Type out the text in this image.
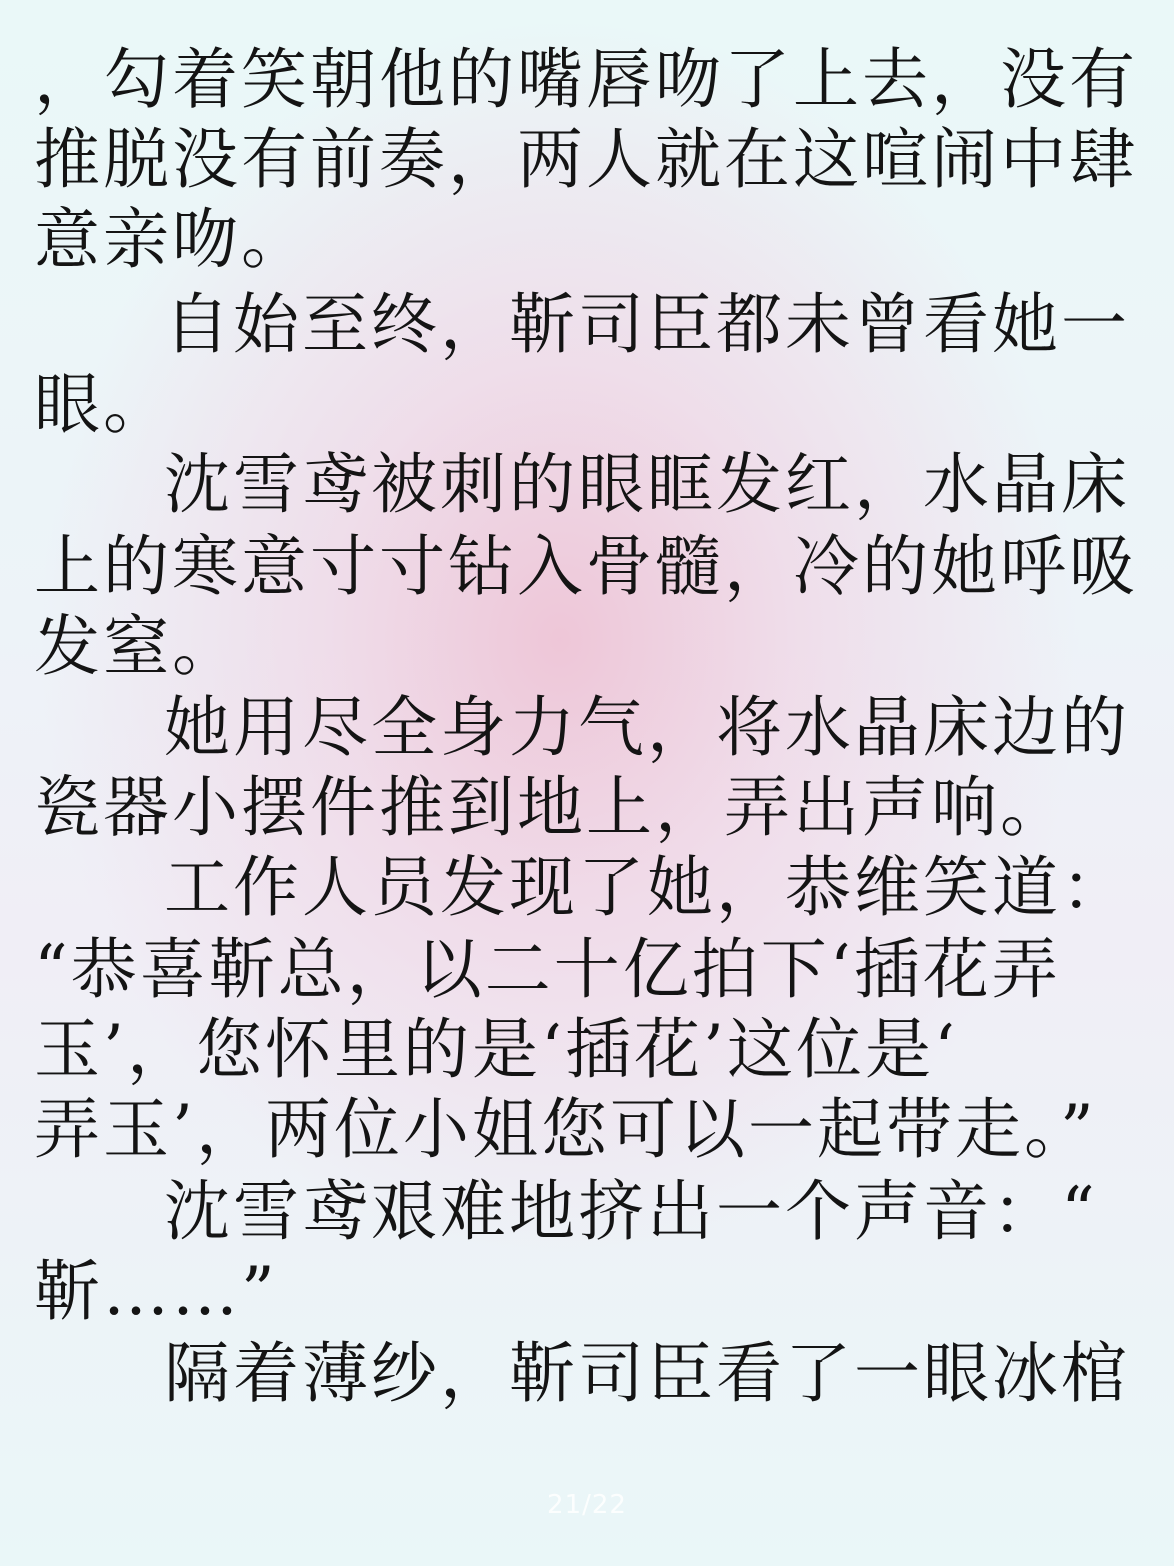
，勾着笑朝他的嘴唇吻了上去，没有
推脱没有前奏，两人就在这喧闹中肆
意亲吻。
自始至终，靳司臣都未曾看她一
眼。
沈雪鸢被刺的眼眶发红，水晶床
上的寒意寸寸钻入骨髓，冷的她呼吸
发窒。
她用尽全身力气，将水晶床边的
瓷器小摆件推到地上，弄出声响。
工作人员发现了她，恭维笑道：
“恭喜靳总，以二十亿拍下‘插花弄
玉’，您怀里的是‘插花’这位是‘
弄玉’，两位小姐您可以一起带走。”
沈雪鸢艰难地挤出一个声音：“
靳……”
隔着薄纱，靳司臣看了一眼冰棺
21/22
